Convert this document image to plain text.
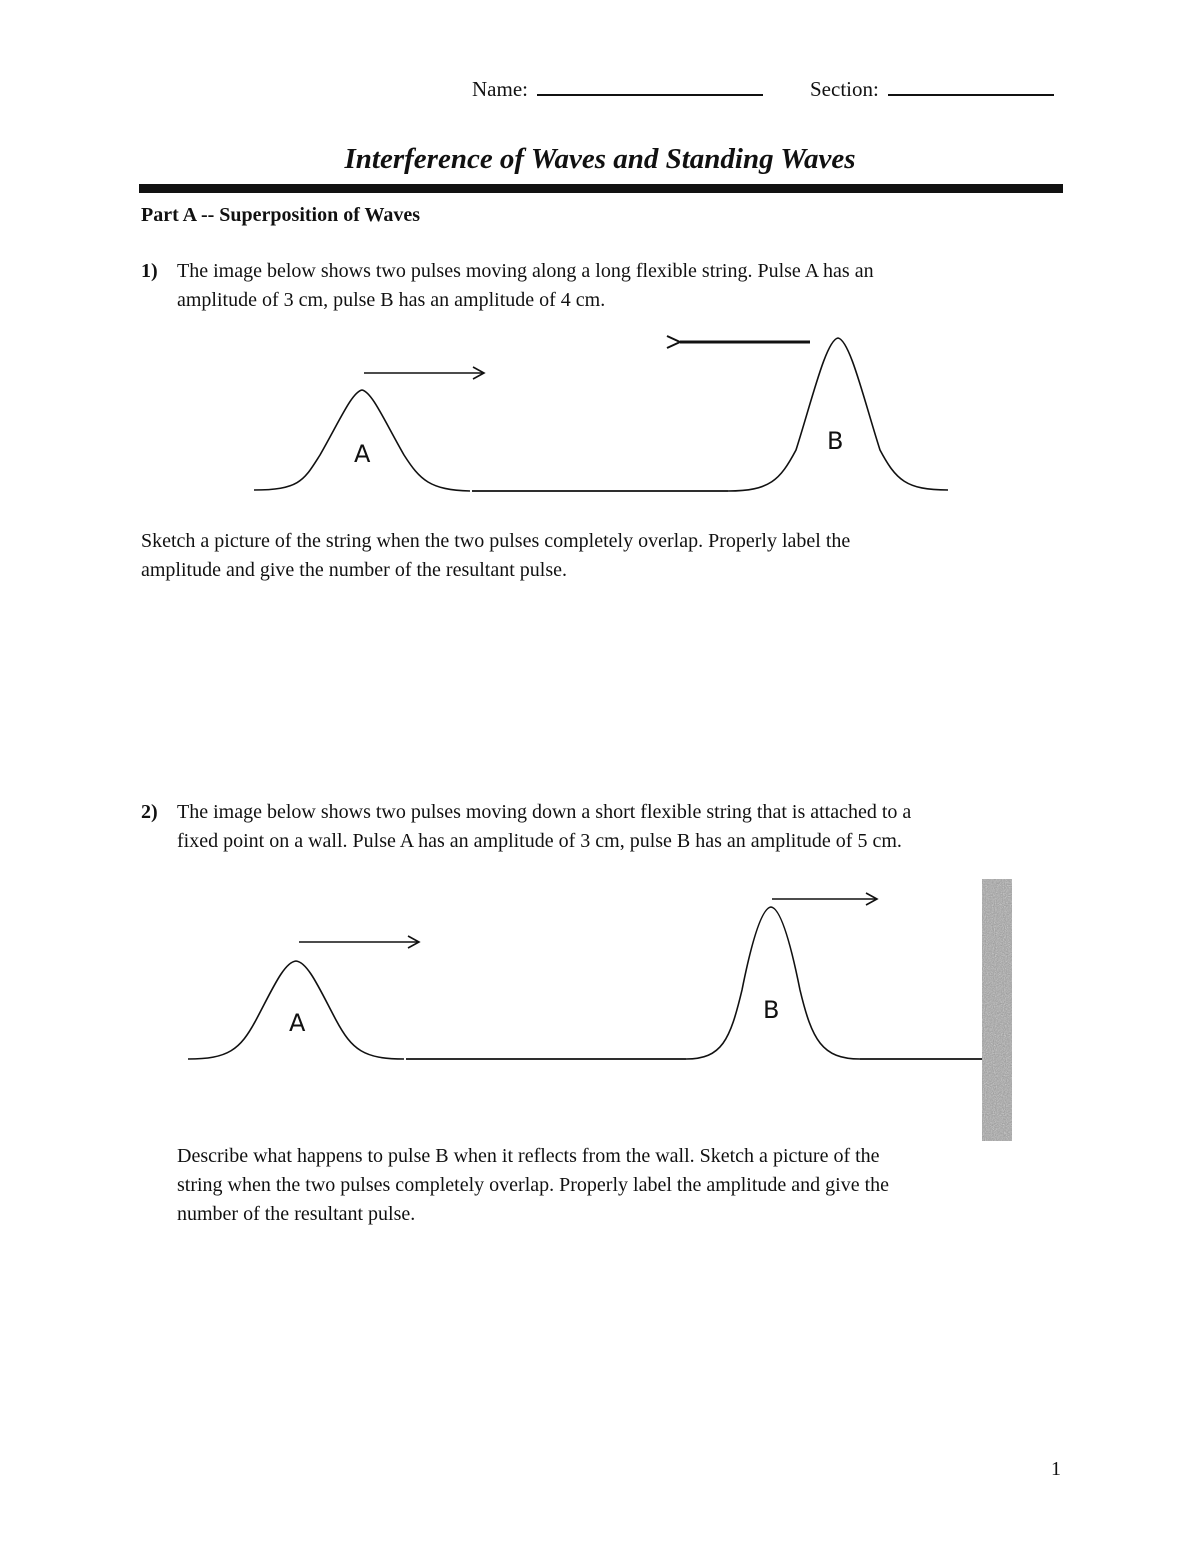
Name:	Section:
Interference of Waves and Standing Waves
Part A -- Superposition of Waves
1) The image below shows two pulses moving along a long flexible string. Pulse A has an
amplitude of 3 cm, pulse B has an amplitude of 4 cm.
A	B
Sketch a picture of the string when the two pulses completely overlap. Properly label the
amplitude and give the number of the resultant pulse.
2) The image below shows two pulses moving down a short flexible string that is attached to a
fixed point on a wall. Pulse A has an amplitude of 3 cm, pulse B has an amplitude of 5 cm.
A	B
Describe what happens to pulse B when it reflects from the wall. Sketch a picture of the
string when the two pulses completely overlap. Properly label the amplitude and give the
number of the resultant pulse.
1
